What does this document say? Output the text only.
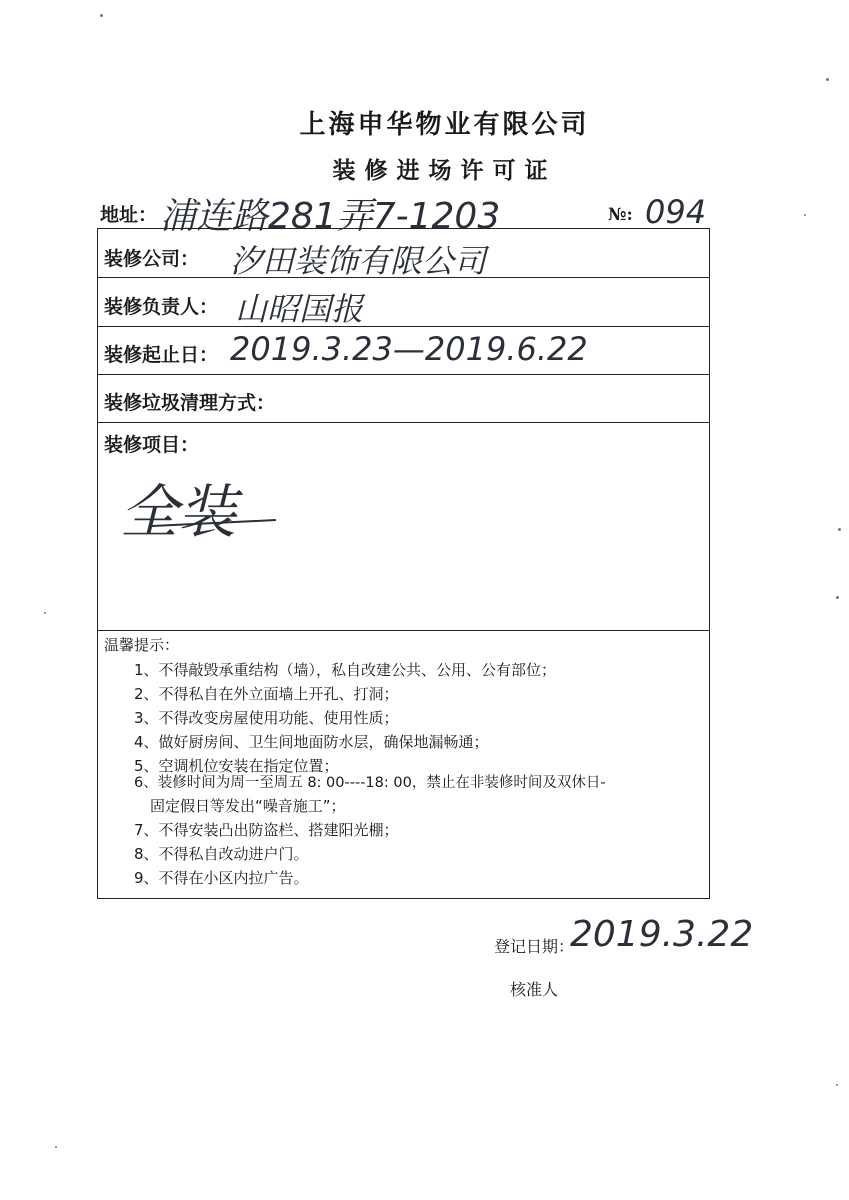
上海申华物业有限公司
装修进场许可证
地址： 浦连路281弄7-1203	№: 094
装修公司： 汐田装饰有限公司
装修负责人： 山昭国报
装修起止日： 2019.3.23—2019.6.22
装修垃圾清理方式：
装修项目：
全装
温馨提示：
1、不得敲毁承重结构（墙），私自改建公共、公用、公有部位；
2、不得私自在外立面墙上开孔、打洞；
3、不得改变房屋使用功能、使用性质；
4、做好厨房间、卫生间地面防水层，确保地漏畅通；
5、空调机位安装在指定位置；
6、装修时间为周一至周五 8: 00----18: 00，禁止在非装修时间及双休日-
固定假日等发出“噪音施工”；
7、不得安装凸出防盗栏、搭建阳光棚；
8、不得私自改动进户门。
9、不得在小区内拉广告。
登记日期：
2019.3.22
核准人
